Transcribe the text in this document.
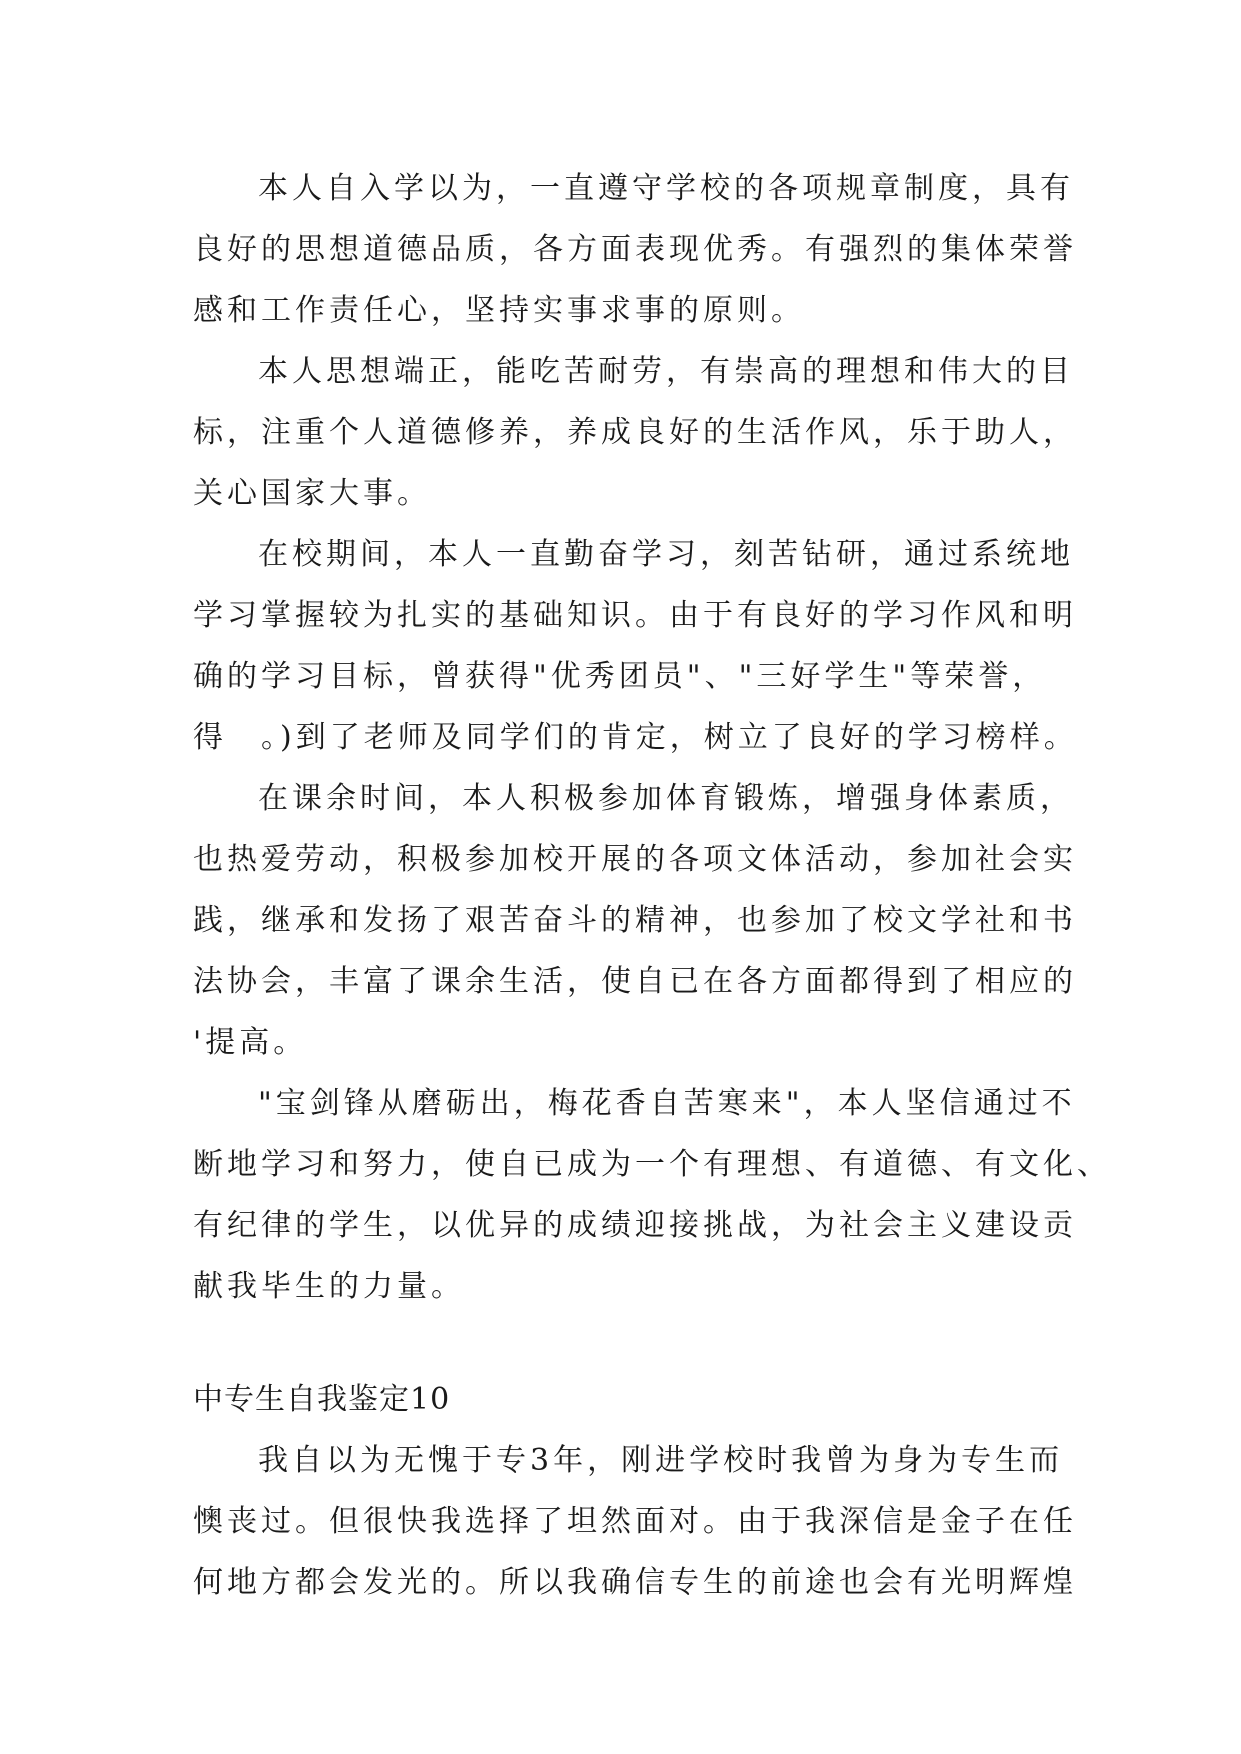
本人自入学以为，一直遵守学校的各项规章制度，具有
良好的思想道德品质，各方面表现优秀。有强烈的集体荣誉
感和工作责任心，坚持实事求事的原则。
本人思想端正，能吃苦耐劳，有崇高的理想和伟大的目
标，注重个人道德修养，养成良好的生活作风，乐于助人，
关心国家大事。
在校期间，本人一直勤奋学习，刻苦钻研，通过系统地
学习掌握较为扎实的基础知识。由于有良好的学习作风和明
确的学习目标，曾获得"优秀团员"、"三好学生"等荣誉，
得　。)到了老师及同学们的肯定，树立了良好的学习榜样。
在课余时间，本人积极参加体育锻炼，增强身体素质，
也热爱劳动，积极参加校开展的各项文体活动，参加社会实
践，继承和发扬了艰苦奋斗的精神，也参加了校文学社和书
法协会，丰富了课余生活，使自已在各方面都得到了相应的
'提高。
"宝剑锋从磨砺出，梅花香自苦寒来"，本人坚信通过不
断地学习和努力，使自已成为一个有理想、有道德、有文化、
有纪律的学生，以优异的成绩迎接挑战，为社会主义建设贡
献我毕生的力量。
中专生自我鉴定10
我自以为无愧于专3年，刚进学校时我曾为身为专生而
懊丧过。但很快我选择了坦然面对。由于我深信是金子在任
何地方都会发光的。所以我确信专生的前途也会有光明辉煌
